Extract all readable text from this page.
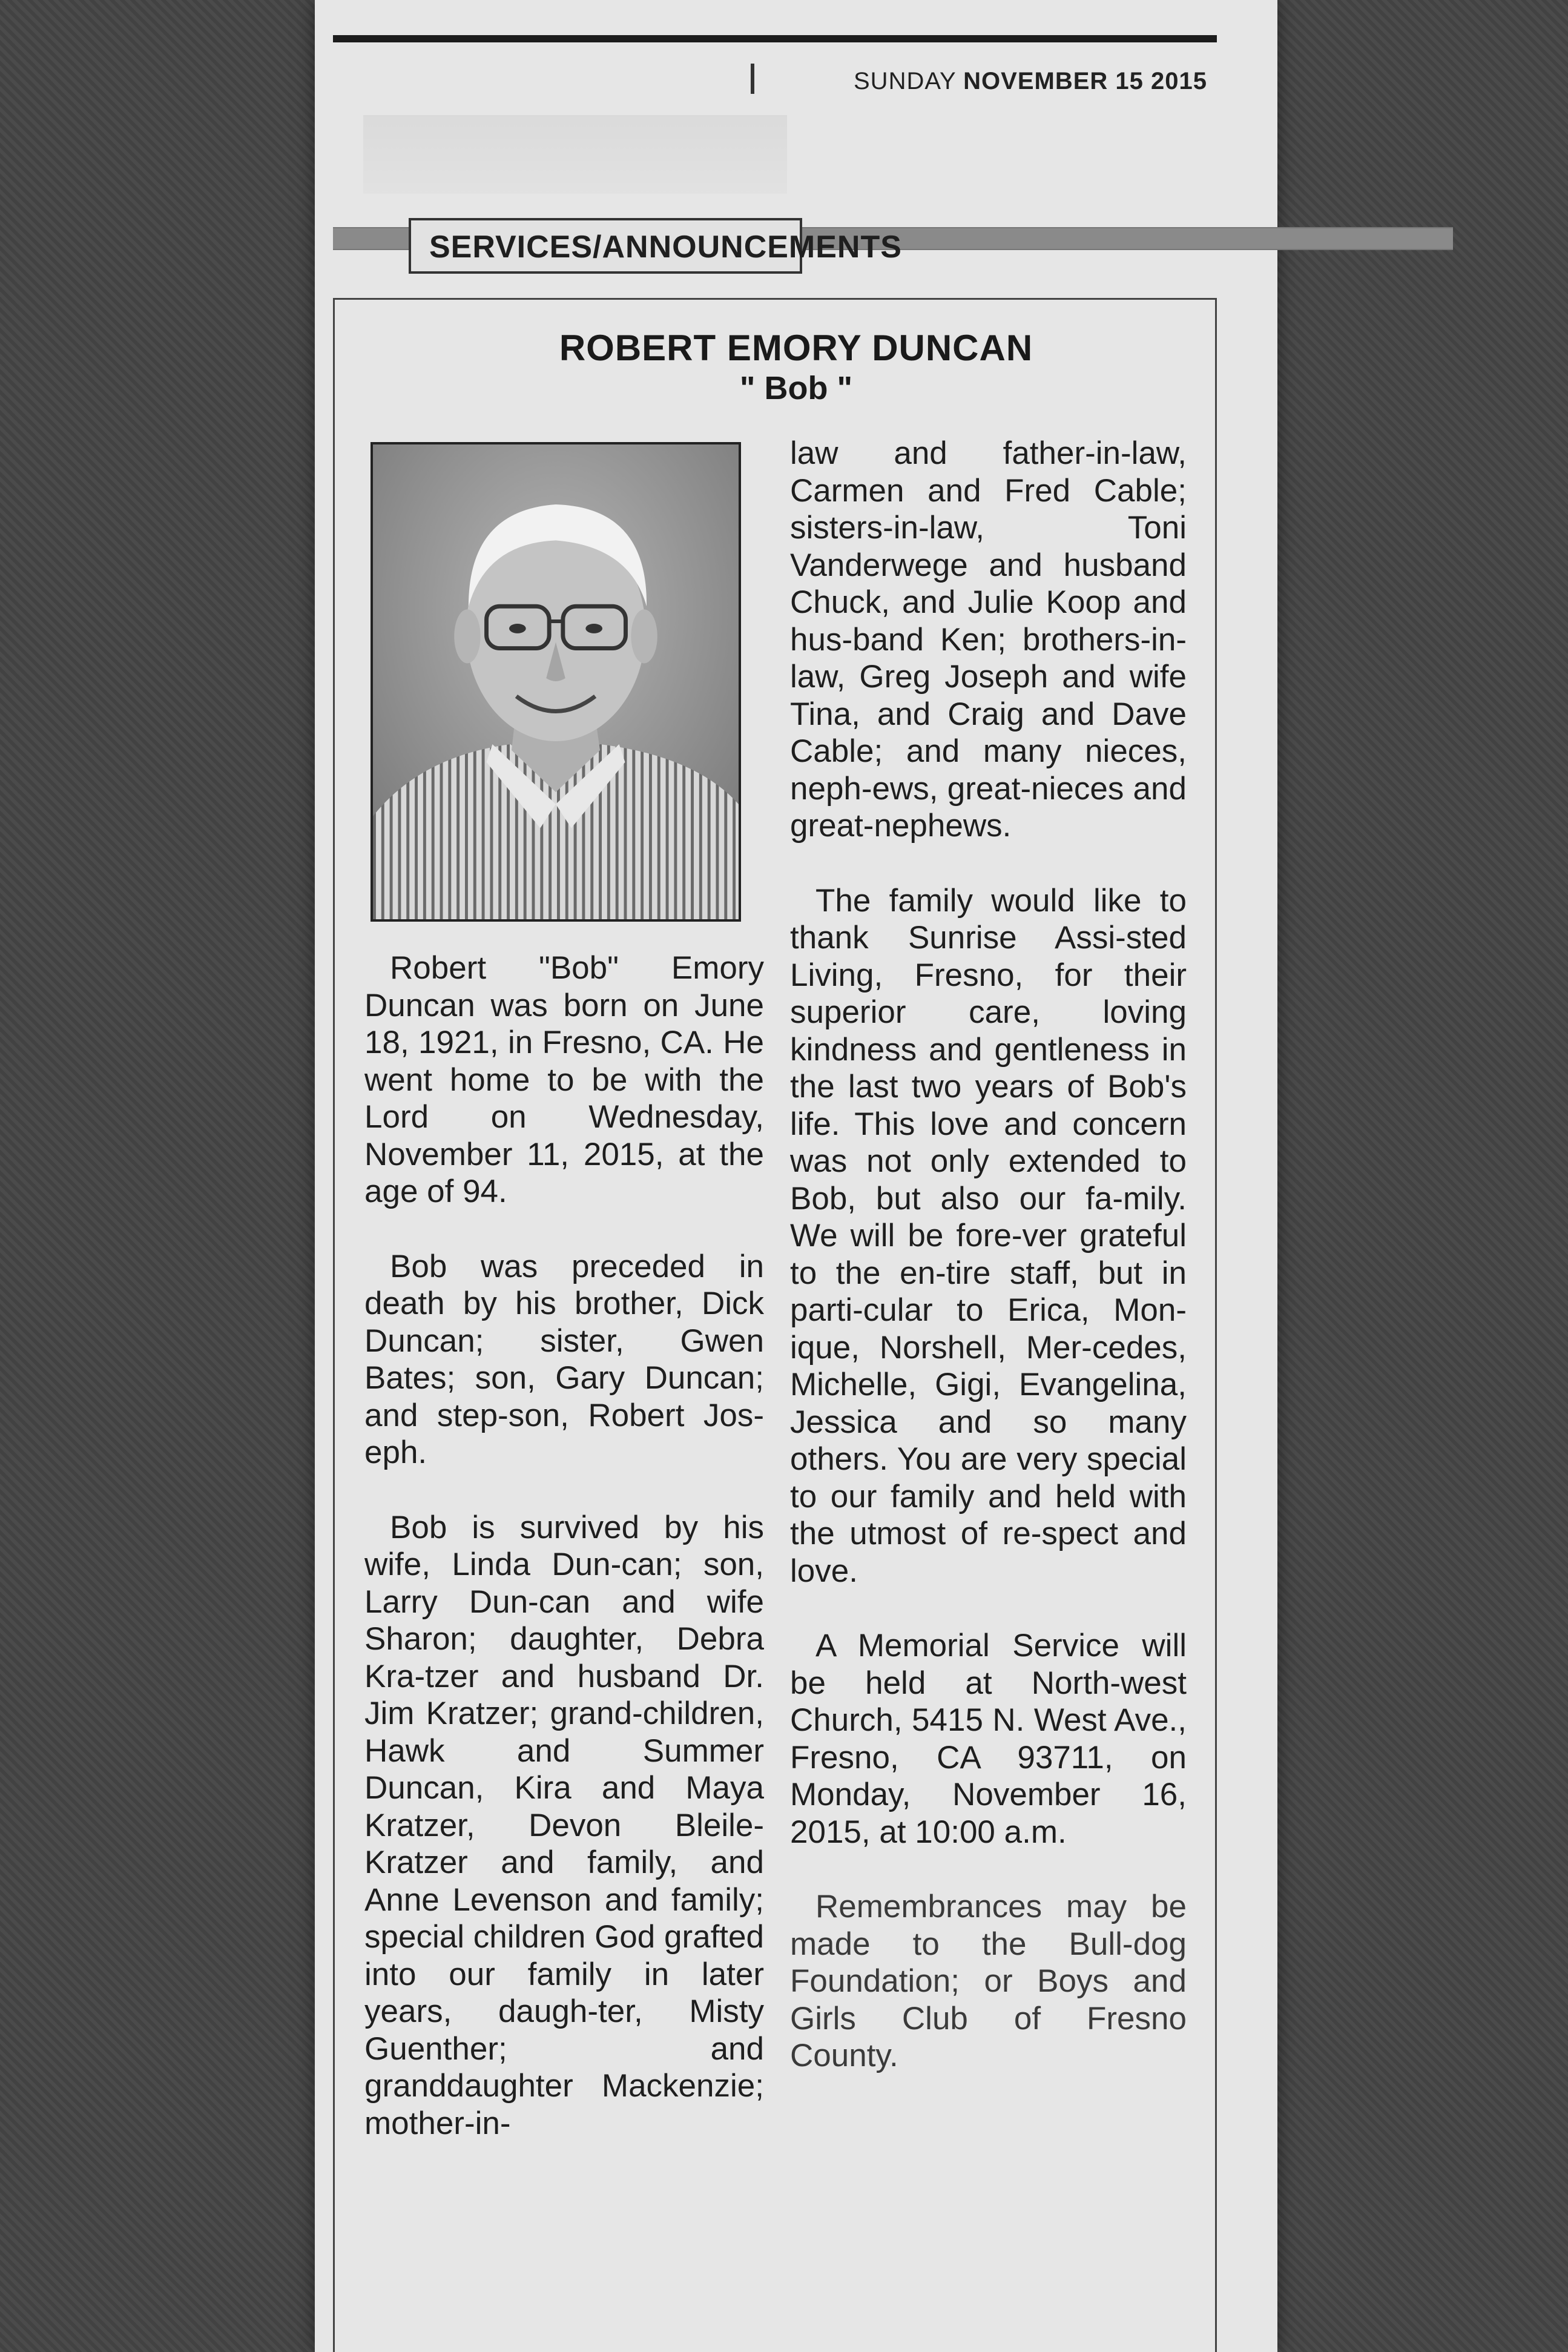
SUNDAY NOVEMBER 15 2015
SERVICES/ANNOUNCEMENTS
ROBERT EMORY DUNCAN
" Bob "

Robert "Bob" Emory Duncan was born on June 18, 1921, in Fresno, CA. He went home to be with the Lord on Wednesday, November 11, 2015, at the age of 94.

Bob was preceded in death by his brother, Dick Duncan; sister, Gwen Bates; son, Gary Duncan; and step-son, Robert Jos-eph.

Bob is survived by his wife, Linda Dun-can; son, Larry Dun-can and wife Sharon; daughter, Debra Kra-tzer and husband Dr. Jim Kratzer; grand-children, Hawk and Summer Duncan, Kira and Maya Kratzer, Devon Bleile-Kratzer and family, and Anne Levenson and family; special children God grafted into our family in later years, daugh-ter, Misty Guenther; and granddaughter Mackenzie; mother-in-

law and father-in-law, Carmen and Fred Cable; sisters-in-law, Toni Vanderwege and husband Chuck, and Julie Koop and hus-band Ken; brothers-in-law, Greg Joseph and wife Tina, and Craig and Dave Cable; and many nieces, neph-ews, great-nieces and great-nephews.

The family would like to thank Sunrise Assi-sted Living, Fresno, for their superior care, loving kindness and gentleness in the last two years of Bob's life. This love and concern was not only extended to Bob, but also our fa-mily. We will be fore-ver grateful to the en-tire staff, but in parti-cular to Erica, Mon-ique, Norshell, Mer-cedes, Michelle, Gigi, Evangelina, Jessica and so many others. You are very special to our family and held with the utmost of re-spect and love.

A Memorial Service will be held at North-west Church, 5415 N. West Ave., Fresno, CA 93711, on Monday, November 16, 2015, at 10:00 a.m.

Remembrances may be made to the Bull-dog Foundation; or Boys and Girls Club of Fresno County.
